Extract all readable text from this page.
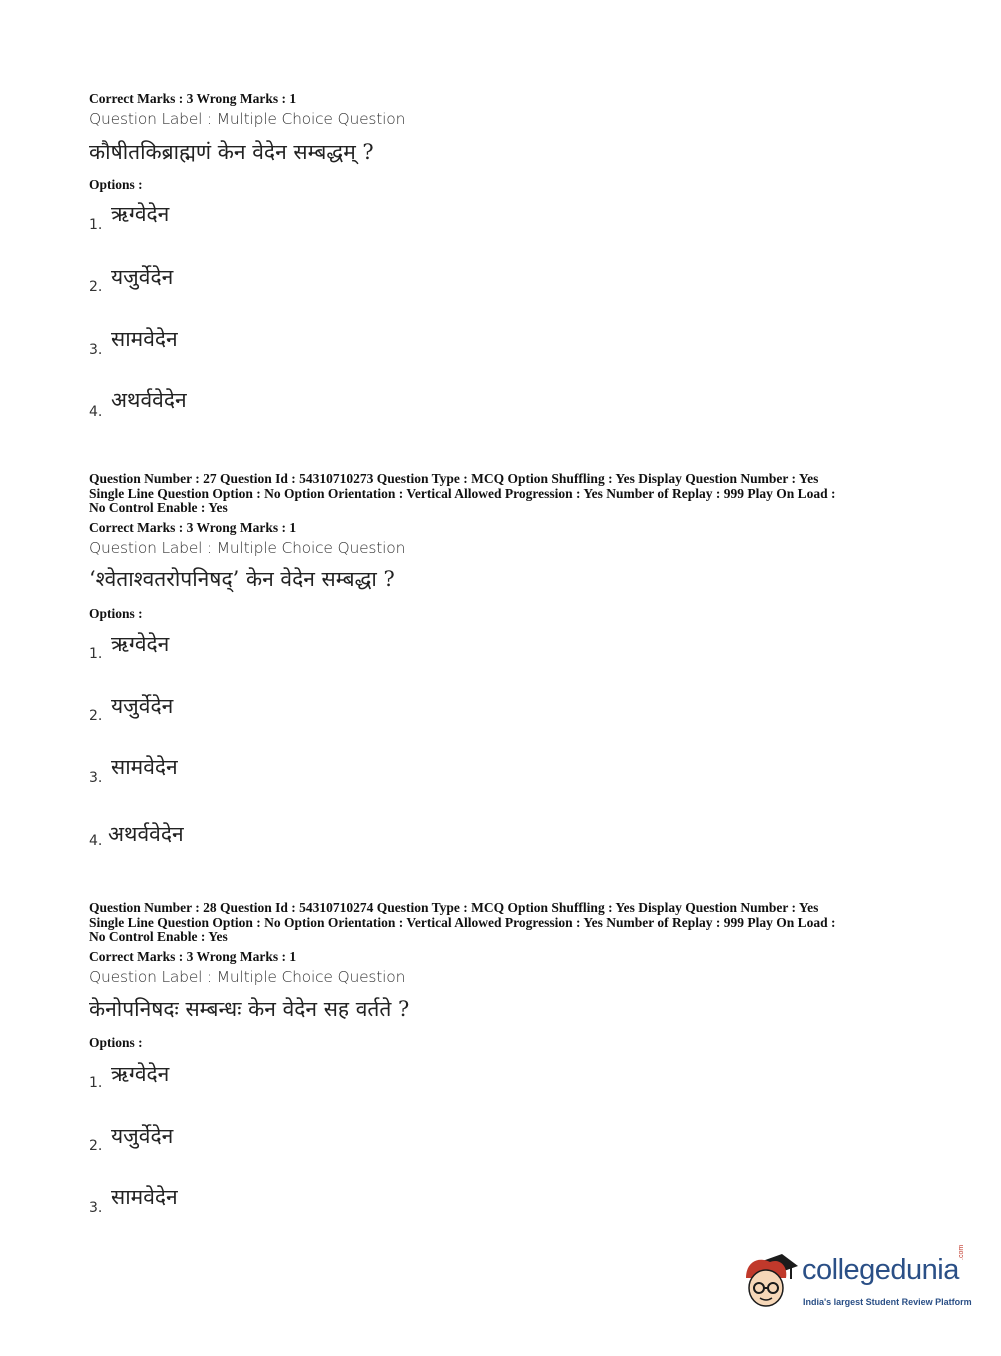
Correct Marks : 3 Wrong Marks : 1
Question Label : Multiple Choice Question
कौषीतकिब्राह्मणं केन वेदेन सम्बद्धम् ?
Options :
1. ऋग्वेदेन
2. यजुर्वेदेन
3. सामवेदेन
4. अथर्ववेदेन
Question Number : 27 Question Id : 54310710273 Question Type : MCQ Option Shuffling : Yes Display Question Number : Yes
Single Line Question Option : No Option Orientation : Vertical Allowed Progression : Yes Number of Replay : 999 Play On Load :
No Control Enable : Yes
Correct Marks : 3 Wrong Marks : 1
Question Label : Multiple Choice Question
‘श्वेताश्वतरोपनिषद्’ केन वेदेन सम्बद्धा ?
Options :
1. ऋग्वेदेन
2. यजुर्वेदेन
3. सामवेदेन
4. अथर्ववेदेन
Question Number : 28 Question Id : 54310710274 Question Type : MCQ Option Shuffling : Yes Display Question Number : Yes
Single Line Question Option : No Option Orientation : Vertical Allowed Progression : Yes Number of Replay : 999 Play On Load :
No Control Enable : Yes
Correct Marks : 3 Wrong Marks : 1
Question Label : Multiple Choice Question
केनोपनिषदः सम्बन्धः केन वेदेन सह वर्तते ?
Options :
1. ऋग्वेदेन
2. यजुर्वेदेन
3. सामवेदेन
collegedunia
.com
India's largest Student Review Platform
